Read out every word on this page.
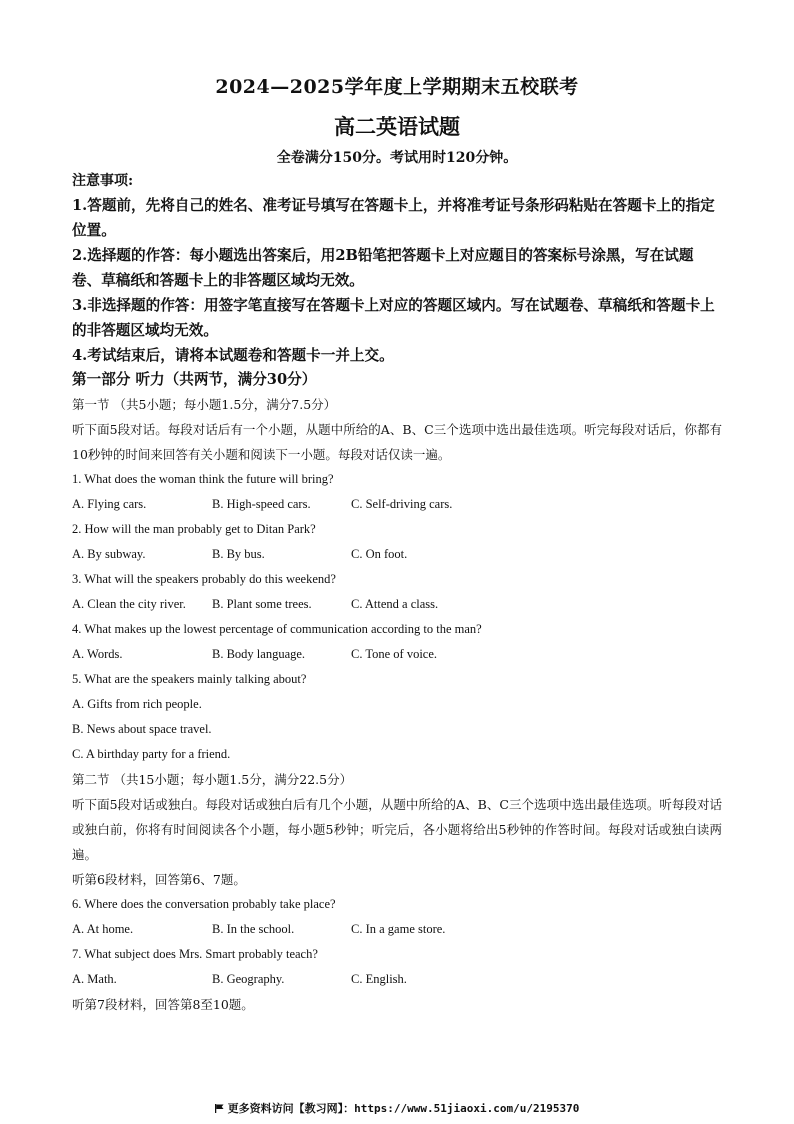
2024—2025学年度上学期期末五校联考
高二英语试题
全卷满分150分。考试用时120分钟。
注意事项:

1.答题前，先将自己的姓名、准考证号填写在答题卡上，并将准考证号条形码粘贴在答题卡上的指定位置。

2.选择题的作答：每小题选出答案后，用2B铅笔把答题卡上对应题目的答案标号涂黑，写在试题卷、草稿纸和答题卡上的非答题区域均无效。

3.非选择题的作答：用签字笔直接写在答题卡上对应的答题区域内。写在试题卷、草稿纸和答题卡上的非答题区域均无效。

4.考试结束后，请将本试题卷和答题卡一并上交。

第一部分 听力（共两节，满分30分）
第一节 （共5小题；每小题1.5分，满分7.5分）
听下面5段对话。每段对话后有一个小题，从题中所给的A、B、C三个选项中选出最佳选项。听完每段对话后，你都有10秒钟的时间来回答有关小题和阅读下一小题。每段对话仅读一遍。
1. What does the woman think the future will bring?
A. Flying cars.	B. High-speed cars.	C. Self-driving cars.
2. How will the man probably get to Ditan Park?
A. By subway.	B. By bus.	C. On foot.
3. What will the speakers probably do this weekend?
A. Clean the city river.	B. Plant some trees.	C. Attend a class.
4. What makes up the lowest percentage of communication according to the man?
A. Words.	B. Body language.	C. Tone of voice.
5. What are the speakers mainly talking about?
A. Gifts from rich people.
B. News about space travel.
C. A birthday party for a friend.
第二节 （共15小题；每小题1.5分，满分22.5分）
听下面5段对话或独白。每段对话或独白后有几个小题，从题中所给的A、B、C三个选项中选出最佳选项。听每段对话或独白前，你将有时间阅读各个小题，每小题5秒钟；听完后，各小题将给出5秒钟的作答时间。每段对话或独白读两遍。
听第6段材料，回答第6、7题。
6. Where does the conversation probably take place?
A. At home.	B. In the school.	C. In a game store.
7. What subject does Mrs. Smart probably teach?
A. Math.	B. Geography.	C. English.
听第7段材料，回答第8至10题。
更多资料访问【教习网】：https://www.51jiaoxi.com/u/2195370
